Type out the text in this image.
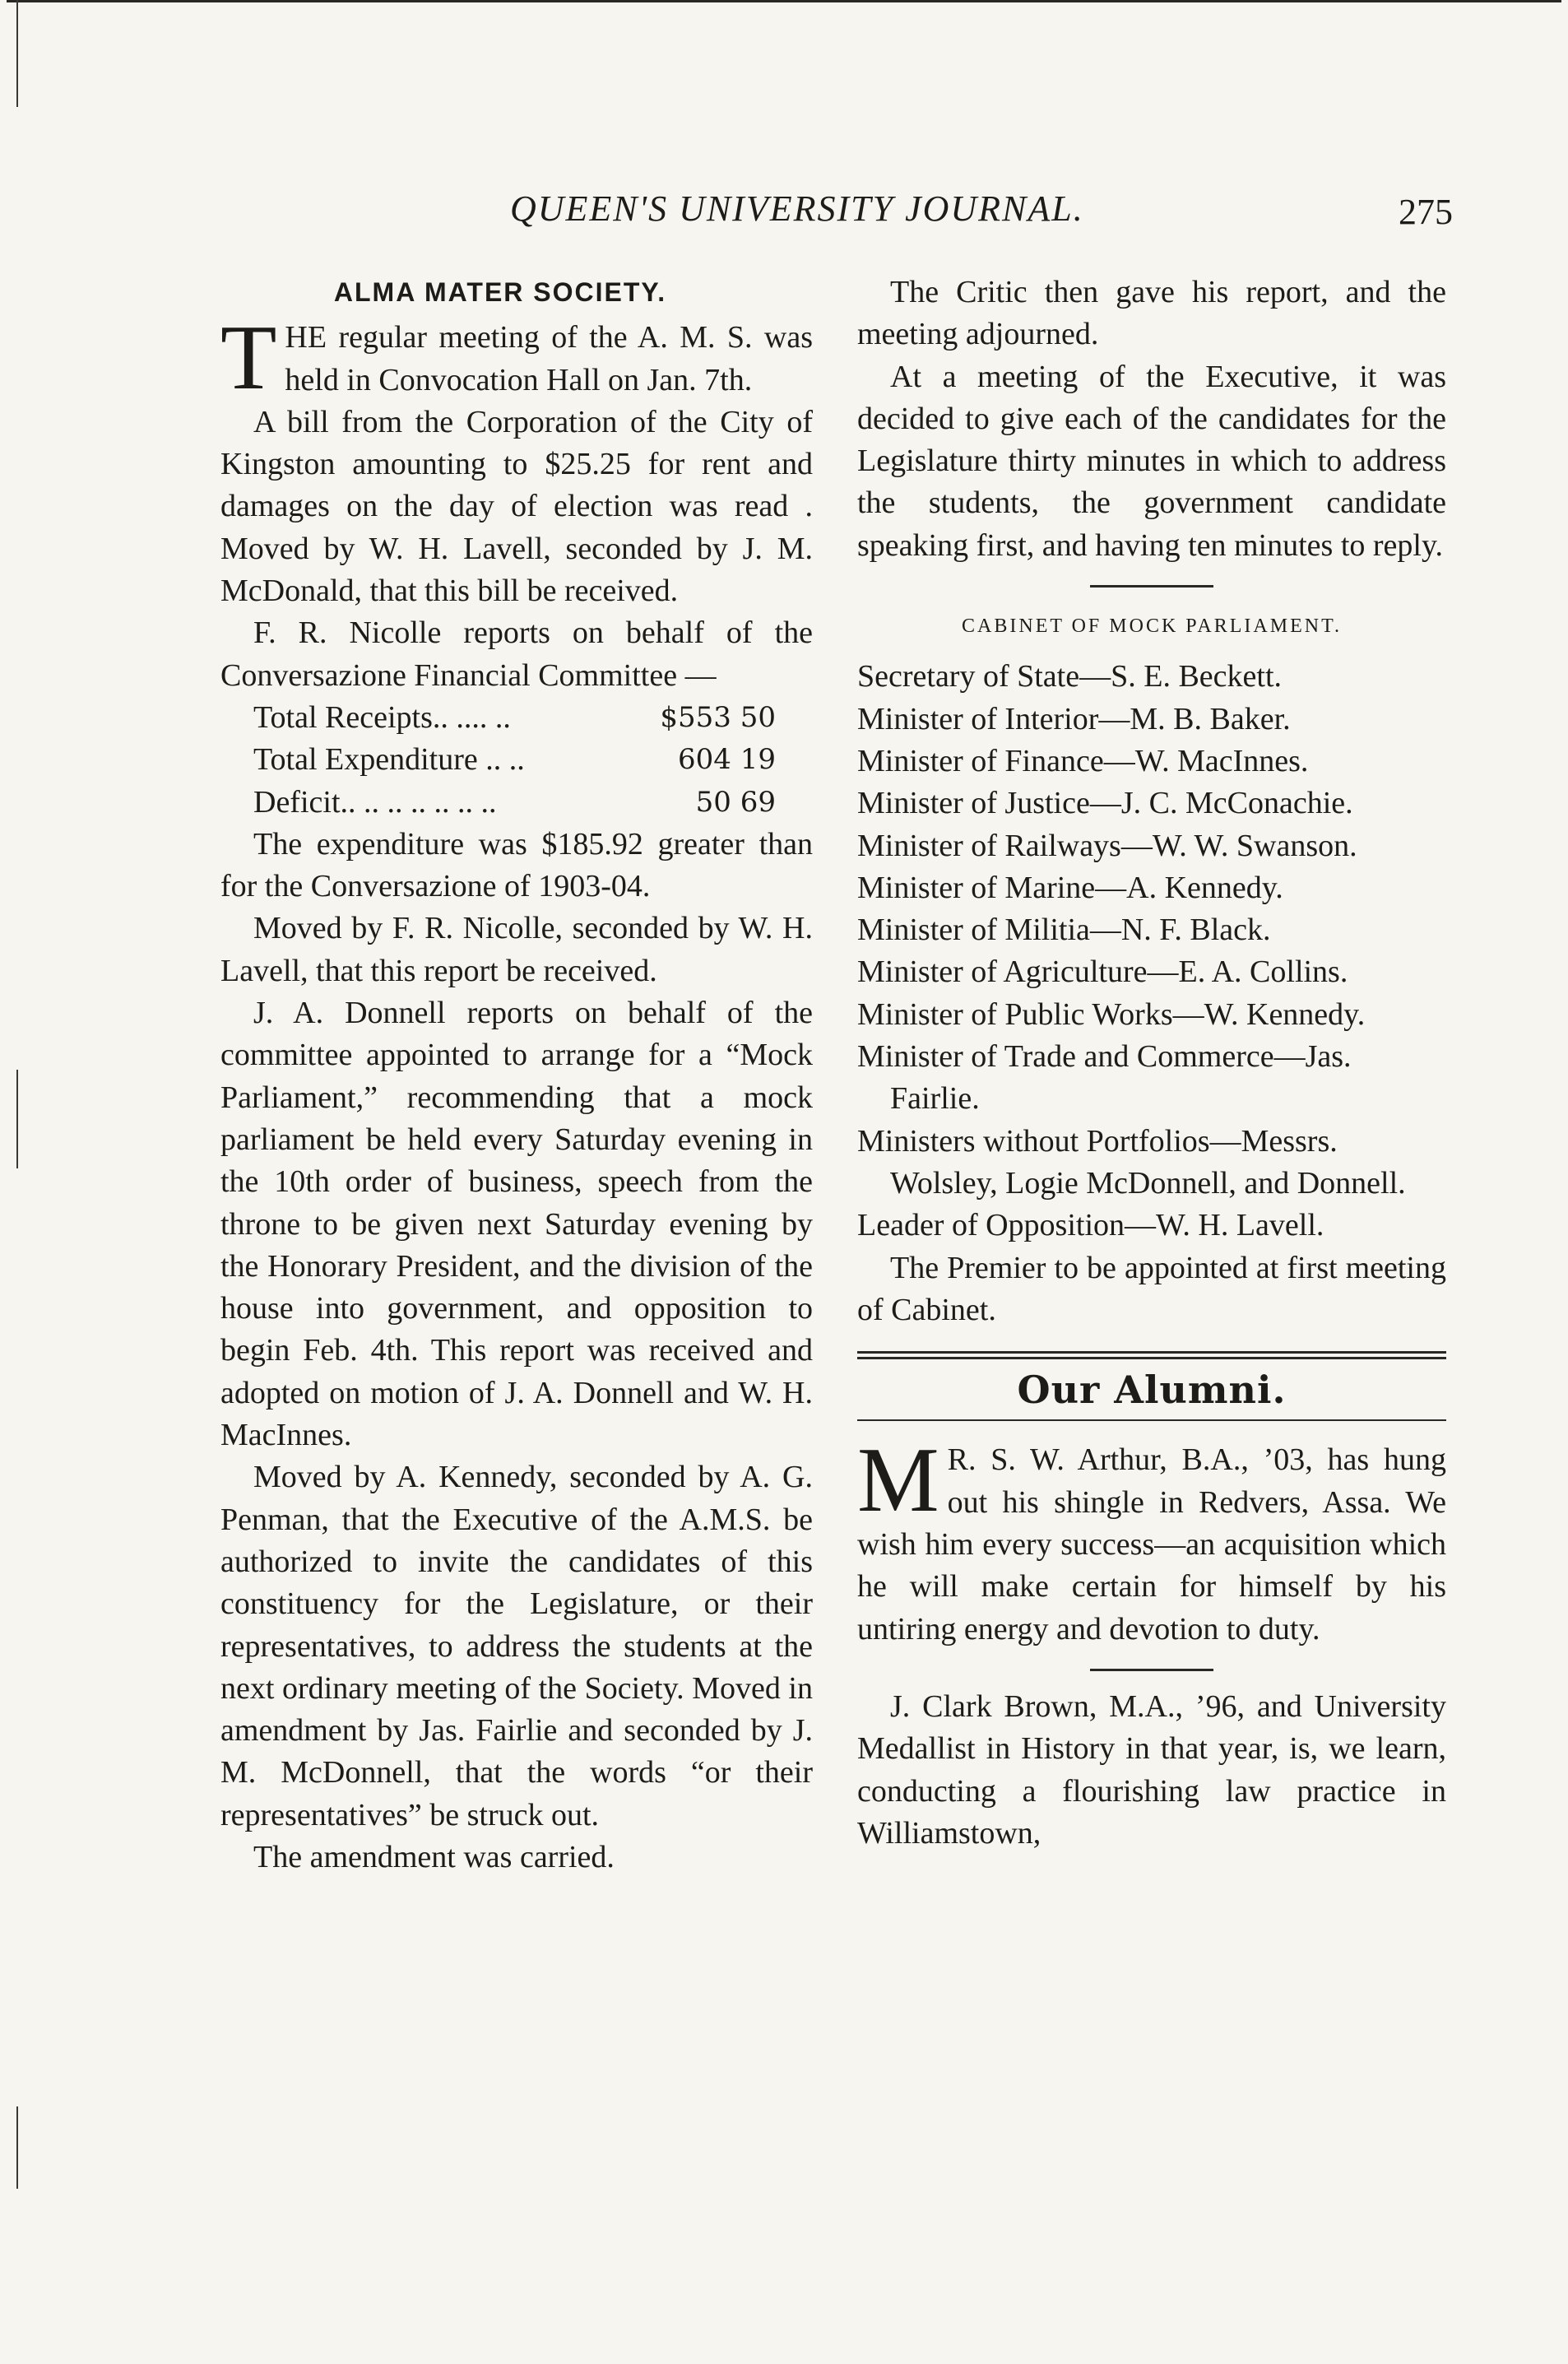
QUEEN'S UNIVERSITY JOURNAL.	275
ALMA MATER SOCIETY.

THE regular meeting of the A. M. S. was held in Convocation Hall on Jan. 7th.

A bill from the Corporation of the City of Kingston amounting to $25.25 for rent and damages on the day of election was read . Moved by W. H. Lavell, seconded by J. M. McDonald, that this bill be received.

F. R. Nicolle reports on behalf of the Conversazione Financial Committee —

Total Receipts.. .... ..	$553 50
Total Expenditure .. ..	604 19
Deficit.. .. .. .. .. .. ..	50 69

The expenditure was $185.92 greater than for the Conversazione of 1903-04.

Moved by F. R. Nicolle, seconded by W. H. Lavell, that this report be received.

J. A. Donnell reports on behalf of the committee appointed to arrange for a “Mock Parliament,” recommending that a mock parliament be held every Saturday evening in the 10th order of business, speech from the throne to be given next Saturday evening by the Honorary President, and the division of the house into government, and opposition to begin Feb. 4th. This report was received and adopted on motion of J. A. Donnell and W. H. MacInnes.

Moved by A. Kennedy, seconded by A. G. Penman, that the Executive of the A.M.S. be authorized to invite the candidates of this constituency for the Legislature, or their representatives, to address the students at the next ordinary meeting of the Society. Moved in amendment by Jas. Fairlie and seconded by J. M. McDonnell, that the words “or their representatives” be struck out.

The amendment was carried.

The Critic then gave his report, and the meeting adjourned.

At a meeting of the Executive, it was decided to give each of the candidates for the Legislature thirty minutes in which to address the students, the government candidate speaking first, and having ten minutes to reply.

CABINET OF MOCK PARLIAMENT.

Secretary of State—S. E. Beckett.

Minister of Interior—M. B. Baker.

Minister of Finance—W. MacInnes.

Minister of Justice—J. C. McConachie.

Minister of Railways—W. W. Swanson.

Minister of Marine—A. Kennedy.

Minister of Militia—N. F. Black.

Minister of Agriculture—E. A. Collins.

Minister of Public Works—W. Kennedy.

Minister of Trade and Commerce—Jas. Fairlie.

Ministers without Portfolios—Messrs. Wolsley, Logie McDonnell, and Donnell.

Leader of Opposition—W. H. Lavell.

The Premier to be appointed at first meeting of Cabinet.

Our Alumni.

M R. S. W. Arthur, B.A., ’03, has hung out his shingle in Redvers, Assa. We wish him every success—an acquisition which he will make certain for himself by his untiring energy and devotion to duty.

J. Clark Brown, M.A., ’96, and University Medallist in History in that year, is, we learn, conducting a flourishing law practice in Williamstown,
